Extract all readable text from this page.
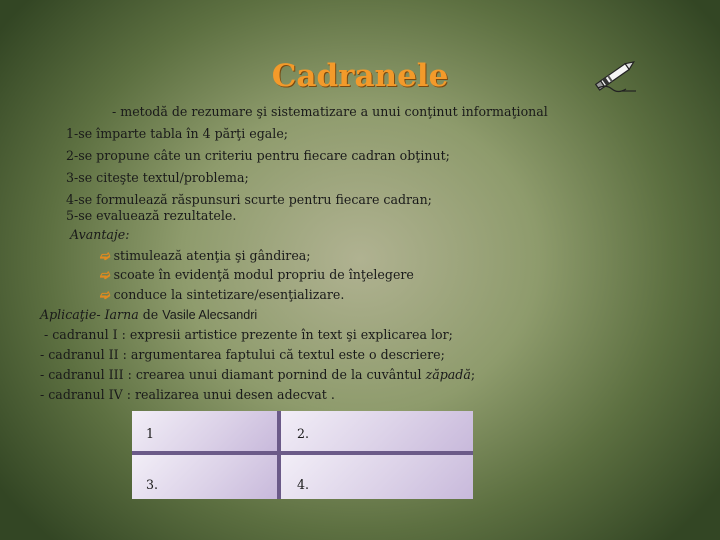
Cadranele
- metodă de rezumare şi sistematizare a unui conţinut informaţional
1-se împarte tabla în 4 părţi egale;
2-se propune câte un criteriu pentru fiecare cadran obţinut;
3-se citeşte textul/problema;
4-se formulează răspunsuri scurte pentru fiecare cadran;
5-se evaluează rezultatele.
Avantaje:
➫ stimulează atenţia şi gândirea;
➫ scoate în evidenţă modul propriu de înţelegere
➫ conduce la sintetizare/esenţializare.
Aplicaţie- Iarna de Vasile Alecsandri
- cadranul I : expresii artistice prezente în text şi explicarea lor;
- cadranul II : argumentarea faptului că textul este o descriere;
- cadranul III : crearea unui diamant pornind de la cuvântul zăpadă;
- cadranul IV : realizarea unui desen adecvat .
1	2.
3.	4.
